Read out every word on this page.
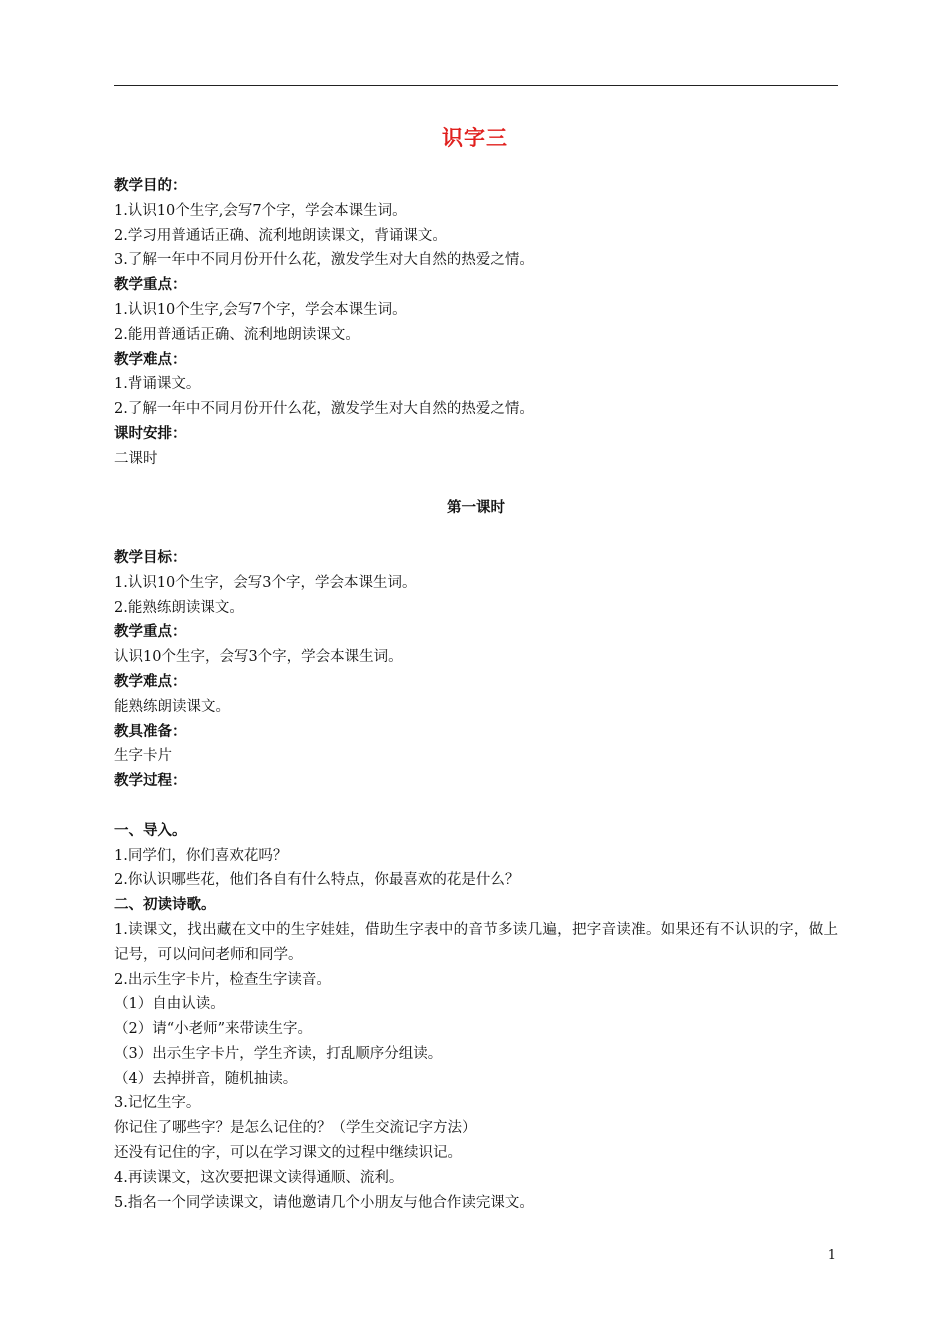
识字三
教学目的：
1.认识10个生字,会写7个字，学会本课生词。
2.学习用普通话正确、流利地朗读课文，背诵课文。
3.了解一年中不同月份开什么花，激发学生对大自然的热爱之情。
教学重点：
1.认识10个生字,会写7个字，学会本课生词。
2.能用普通话正确、流利地朗读课文。
教学难点：
1.背诵课文。
2.了解一年中不同月份开什么花，激发学生对大自然的热爱之情。
课时安排：
二课时
第一课时
教学目标：
1.认识10个生字，会写3个字，学会本课生词。
2.能熟练朗读课文。
教学重点：
认识10个生字，会写3个字，学会本课生词。
教学难点：
能熟练朗读课文。
教具准备：
生字卡片
教学过程：
一、导入。
1.同学们，你们喜欢花吗？
2.你认识哪些花，他们各自有什么特点，你最喜欢的花是什么？
二、初读诗歌。
1.读课文，找出藏在文中的生字娃娃，借助生字表中的音节多读几遍，把字音读准。如果还有不认识的字，做上记号，可以问问老师和同学。
2.出示生字卡片，检查生字读音。
（1）自由认读。
（2）请“小老师”来带读生字。
（3）出示生字卡片，学生齐读，打乱顺序分组读。
（4）去掉拼音，随机抽读。
3.记忆生字。
你记住了哪些字？是怎么记住的？（学生交流记字方法）
还没有记住的字，可以在学习课文的过程中继续识记。
4.再读课文，这次要把课文读得通顺、流利。
5.指名一个同学读课文，请他邀请几个小朋友与他合作读完课文。
1
